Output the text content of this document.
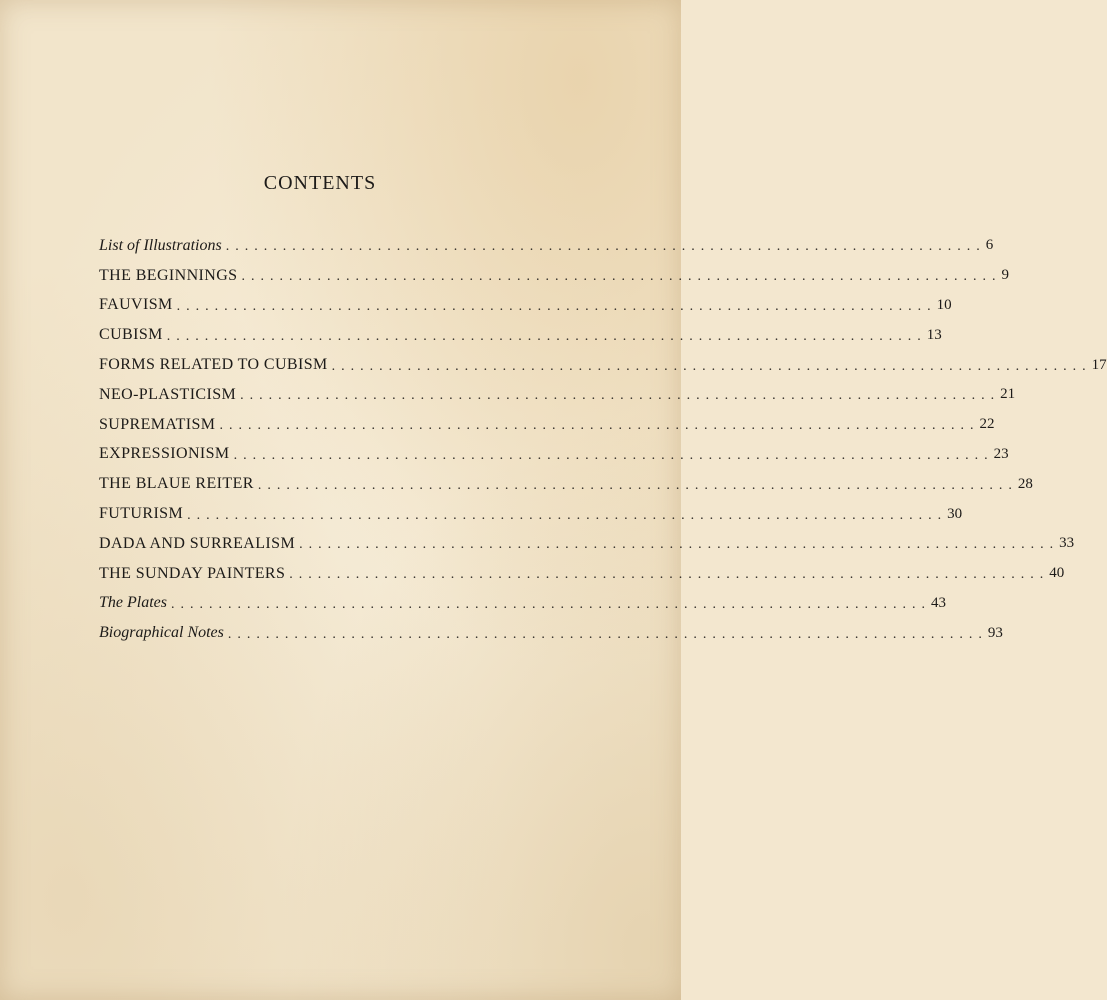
CONTENTS
List of Illustrations ................................................................................ 6
THE BEGINNINGS ................................................................................ 9
FAUVISM ................................................................................ 10
CUBISM ................................................................................ 13
FORMS RELATED TO CUBISM ................................................................................ 17
NEO-PLASTICISM ................................................................................ 21
SUPREMATISM ................................................................................ 22
EXPRESSIONISM ................................................................................ 23
THE BLAUE REITER ................................................................................ 28
FUTURISM ................................................................................ 30
DADA AND SURREALISM ................................................................................ 33
THE SUNDAY PAINTERS ................................................................................ 40
The Plates ................................................................................ 43
Biographical Notes ................................................................................ 93
